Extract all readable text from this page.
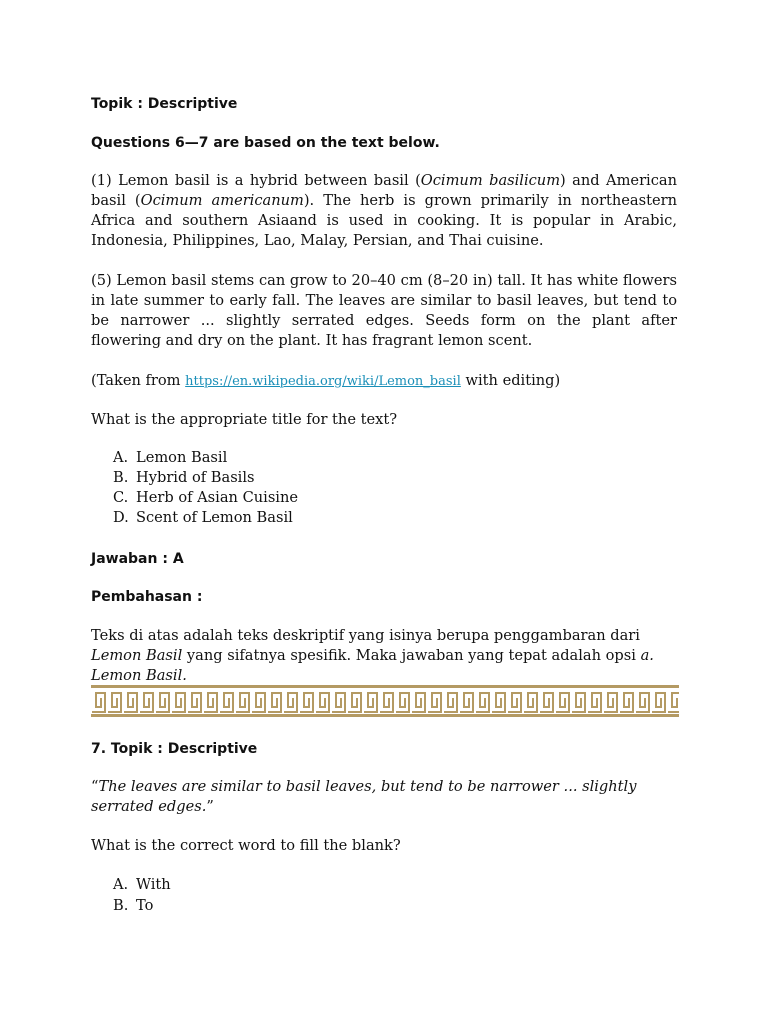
Topik : Descriptive

Questions 6—7 are based on the text below.

(1) Lemon basil is a hybrid between basil (Ocimum basilicum) and American basil (Ocimum americanum). The herb is grown primarily in northeastern Africa and southern Asiaand is used in cooking. It is popular in Arabic, Indonesia, Philippines, Lao, Malay, Persian, and Thai cuisine.

(5) Lemon basil stems can grow to 20–40 cm (8–20 in) tall. It has white flowers in late summer to early fall. The leaves are similar to basil leaves, but tend to be narrower ... slightly serrated edges. Seeds form on the plant after flowering and dry on the plant. It has fragrant lemon scent.

(Taken from https://en.wikipedia.org/wiki/Lemon_basil with editing)

What is the appropriate title for the text?

A. Lemon Basil
B. Hybrid of Basils
C. Herb of Asian Cuisine
D. Scent of Lemon Basil

Jawaban : A

Pembahasan :

Teks di atas adalah teks deskriptif yang isinya berupa penggambaran dari Lemon Basil yang sifatnya spesifik. Maka jawaban yang tepat adalah opsi a. Lemon Basil.

7. Topik : Descriptive

“The leaves are similar to basil leaves, but tend to be narrower ... slightly serrated edges.”

What is the correct word to fill the blank?

A. With
B. To
